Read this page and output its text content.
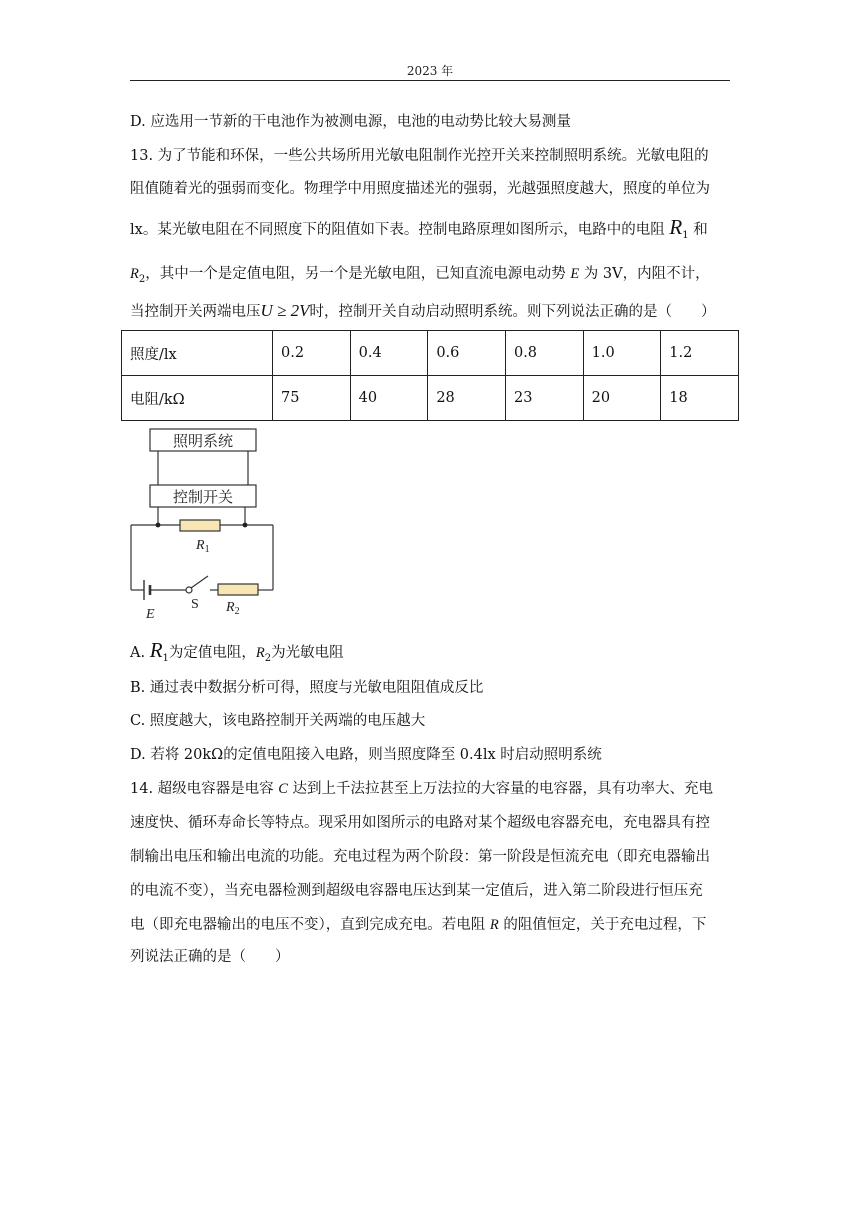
2023 年
D. 应选用一节新的干电池作为被测电源，电池的电动势比较大易测量
13. 为了节能和环保，一些公共场所用光敏电阻制作光控开关来控制照明系统。光敏电阻的
阻值随着光的强弱而变化。物理学中用照度描述光的强弱，光越强照度越大，照度的单位为
lx。某光敏电阻在不同照度下的阻值如下表。控制电路原理如图所示，电路中的电阻 $R_1$ 和
$R_2$，其中一个是定值电阻，另一个是光敏电阻，已知直流电源电动势 E 为 3V，内阻不计，
当控制开关两端电压U ≥ 2V时，控制开关自动启动照明系统。则下列说法正确的是（　　）
照度/lx	0.2	0.4	0.6	0.8	1.0	1.2
电阻/kΩ	75	40	28	23	20	18
照明系统
控制开关
$R_1$
E
S $R_2$
A. $R_1$为定值电阻，$R_2$为光敏电阻
B. 通过表中数据分析可得，照度与光敏电阻阻值成反比
C. 照度越大，该电路控制开关两端的电压越大
D. 若将 20kΩ的定值电阻接入电路，则当照度降至 0.4lx 时启动照明系统
14. 超级电容器是电容 C 达到上千法拉甚至上万法拉的大容量的电容器，具有功率大、充电
速度快、循环寿命长等特点。现采用如图所示的电路对某个超级电容器充电，充电器具有控
制输出电压和输出电流的功能。充电过程为两个阶段：第一阶段是恒流充电（即充电器输出
的电流不变），当充电器检测到超级电容器电压达到某一定值后，进入第二阶段进行恒压充
电（即充电器输出的电压不变），直到完成充电。若电阻 R 的阻值恒定，关于充电过程，下
列说法正确的是（　　）
